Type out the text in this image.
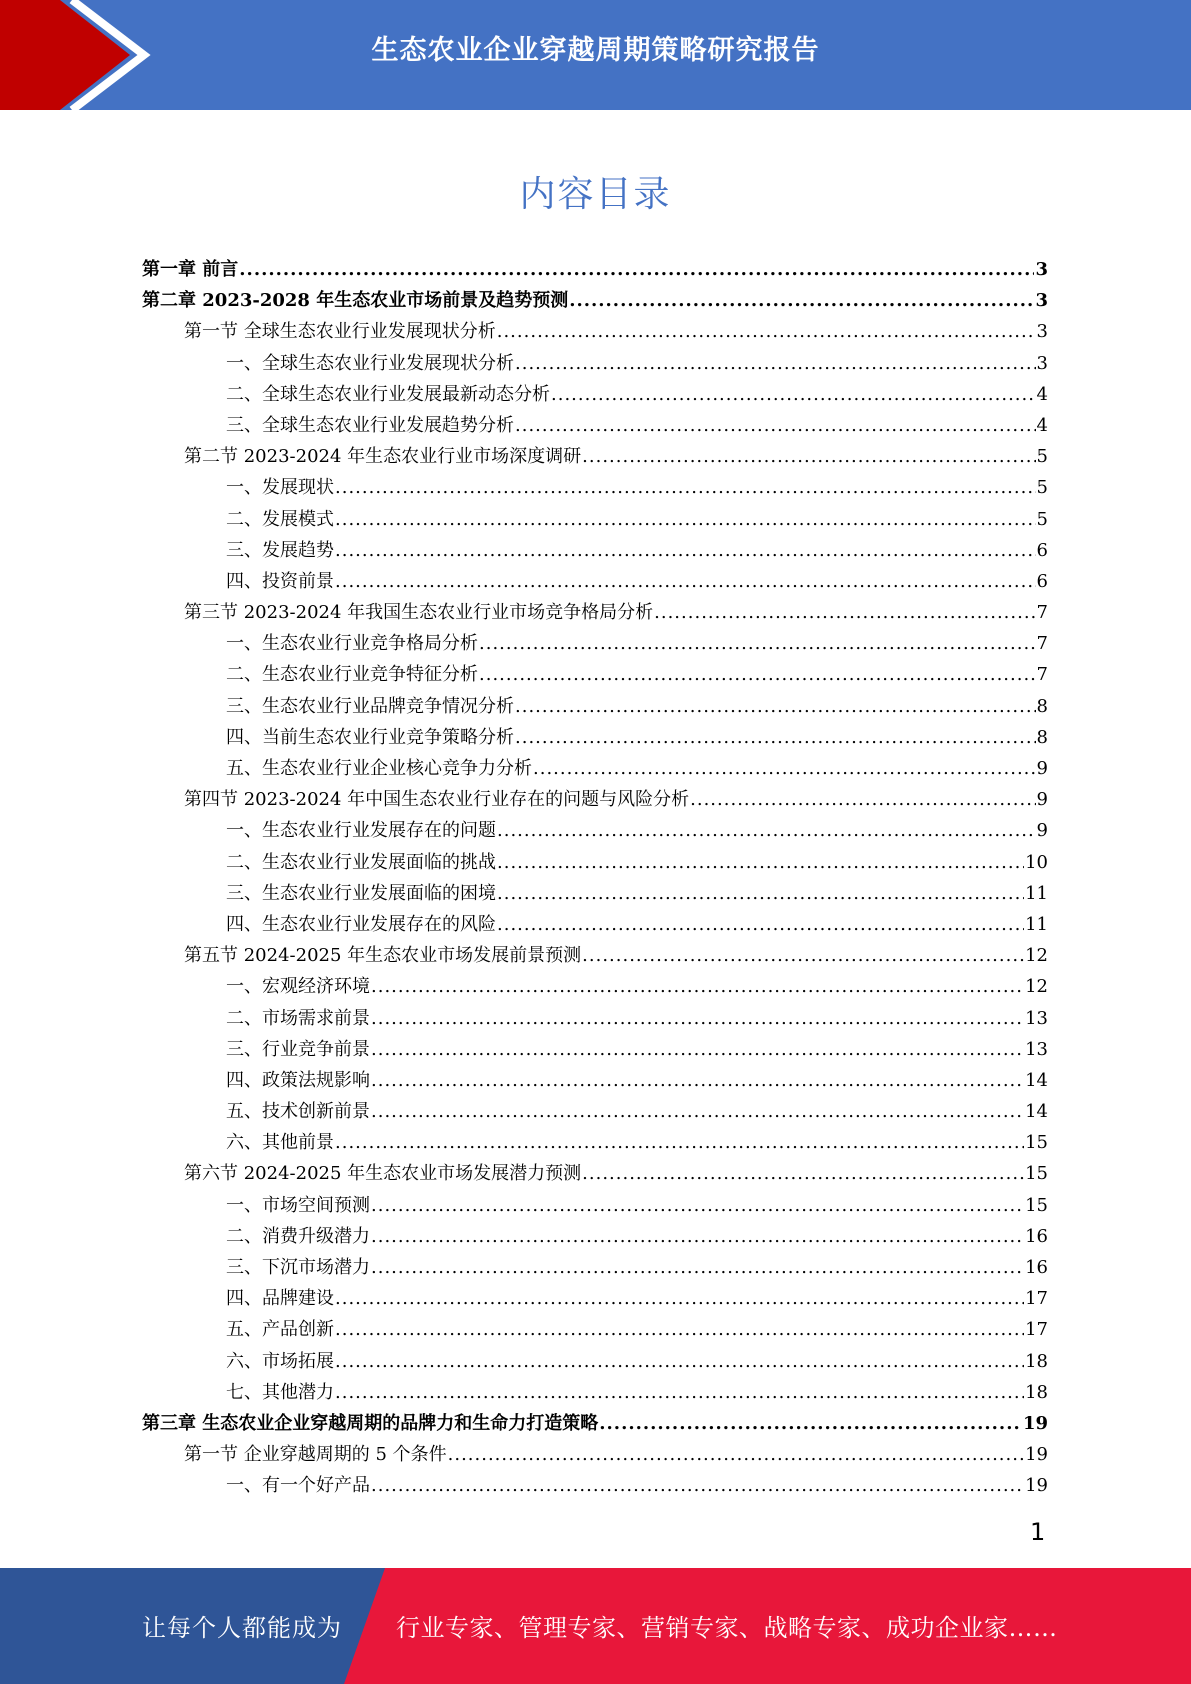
生态农业企业穿越周期策略研究报告
内容目录
第一章 前言 .....	3
第二章 2023-2028 年生态农业市场前景及趋势预测 .....	3
第一节 全球生态农业行业发展现状分析 .....	3
一、全球生态农业行业发展现状分析 .....	3
二、全球生态农业行业发展最新动态分析 .....	4
三、全球生态农业行业发展趋势分析 .....	4
第二节 2023-2024 年生态农业行业市场深度调研 .....	5
一、发展现状 .....	5
二、发展模式 .....	5
三、发展趋势 .....	6
四、投资前景 .....	6
第三节 2023-2024 年我国生态农业行业市场竞争格局分析 .....	7
一、生态农业行业竞争格局分析 .....	7
二、生态农业行业竞争特征分析 .....	7
三、生态农业行业品牌竞争情况分析 .....	8
四、当前生态农业行业竞争策略分析 .....	8
五、生态农业行业企业核心竞争力分析 .....	9
第四节 2023-2024 年中国生态农业行业存在的问题与风险分析 .....	9
一、生态农业行业发展存在的问题 .....	9
二、生态农业行业发展面临的挑战 .....	10
三、生态农业行业发展面临的困境 .....	11
四、生态农业行业发展存在的风险 .....	11
第五节 2024-2025 年生态农业市场发展前景预测 .....	12
一、宏观经济环境 .....	12
二、市场需求前景 .....	13
三、行业竞争前景 .....	13
四、政策法规影响 .....	14
五、技术创新前景 .....	14
六、其他前景 .....	15
第六节 2024-2025 年生态农业市场发展潜力预测 .....	15
一、市场空间预测 .....	15
二、消费升级潜力 .....	16
三、下沉市场潜力 .....	16
四、品牌建设 .....	17
五、产品创新 .....	17
六、市场拓展 .....	18
七、其他潜力 .....	18
第三章 生态农业企业穿越周期的品牌力和生命力打造策略 .....	19
第一节 企业穿越周期的 5 个条件 .....	19
一、有一个好产品 .....	19
1
让每个人都能成为 行业专家、管理专家、营销专家、战略专家、成功企业家……
